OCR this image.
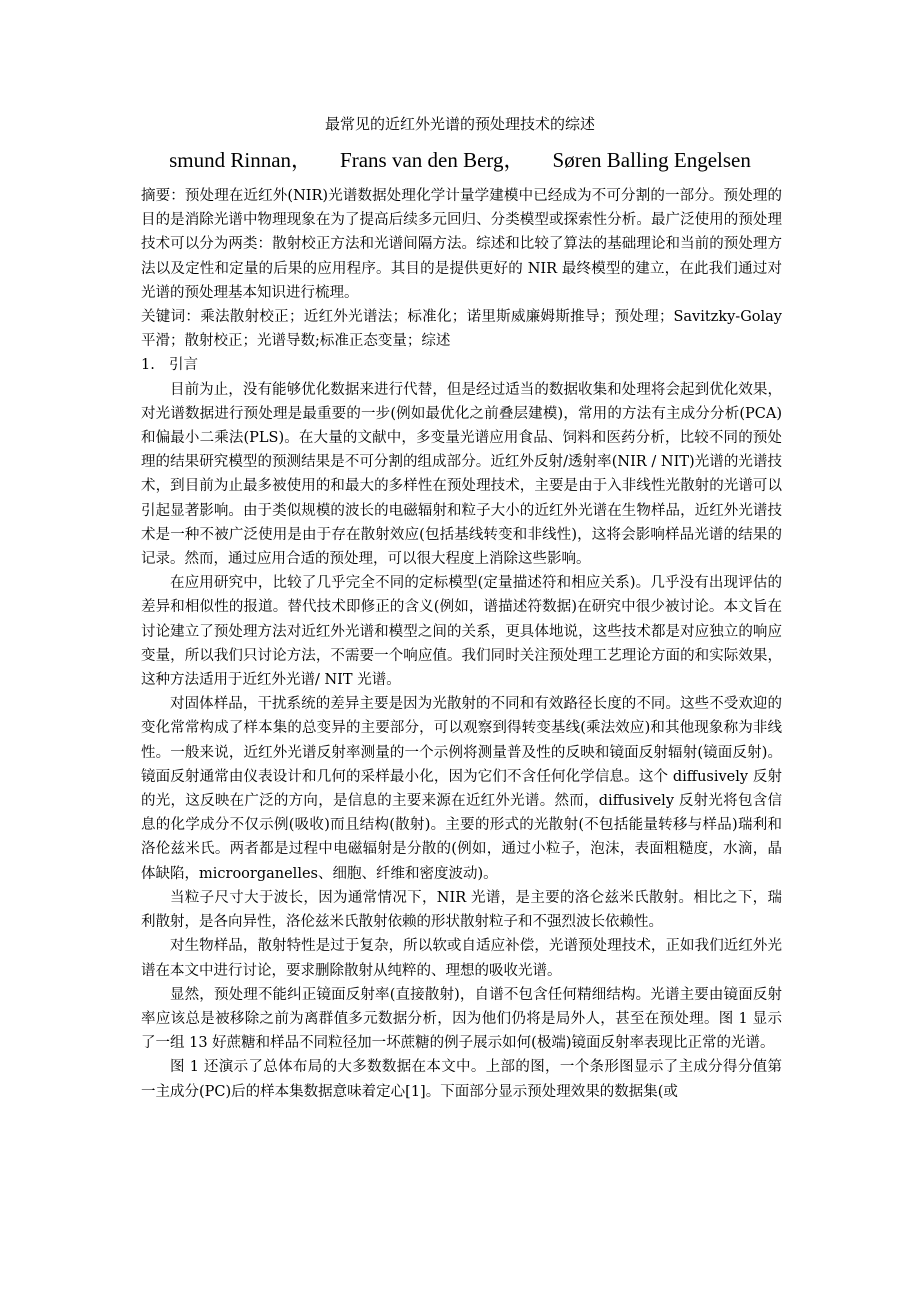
最常见的近红外光谱的预处理技术的综述
smund Rinnan， Frans van den Berg， Søren Balling Engelsen

摘要：预处理在近红外(NIR)光谱数据处理化学计量学建模中已经成为不可分割的一部分。预处理的目的是消除光谱中物理现象在为了提高后续多元回归、分类模型或探索性分析。最广泛使用的预处理技术可以分为两类：散射校正方法和光谱间隔方法。综述和比较了算法的基础理论和当前的预处理方法以及定性和定量的后果的应用程序。其目的是提供更好的 NIR 最终模型的建立，在此我们通过对光谱的预处理基本知识进行梳理。

关键词：乘法散射校正；近红外光谱法；标准化；诺里斯威廉姆斯推导；预处理；Savitzky-Golay 平滑；散射校正；光谱导数;标准正态变量；综述

1. 引言

目前为止，没有能够优化数据来进行代替，但是经过适当的数据收集和处理将会起到优化效果，对光谱数据进行预处理是最重要的一步(例如最优化之前叠层建模)，常用的方法有主成分分析(PCA)和偏最小二乘法(PLS)。在大量的文献中，多变量光谱应用食品、饲料和医药分析，比较不同的预处理的结果研究模型的预测结果是不可分割的组成部分。近红外反射/透射率(NIR / NIT)光谱的光谱技术，到目前为止最多被使用的和最大的多样性在预处理技术，主要是由于入非线性光散射的光谱可以引起显著影响。由于类似规模的波长的电磁辐射和粒子大小的近红外光谱在生物样品，近红外光谱技术是一种不被广泛使用是由于存在散射效应(包括基线转变和非线性)，这将会影响样品光谱的结果的记录。然而，通过应用合适的预处理，可以很大程度上消除这些影响。

在应用研究中，比较了几乎完全不同的定标模型(定量描述符和相应关系)。几乎没有出现评估的差异和相似性的报道。替代技术即修正的含义(例如，谱描述符数据)在研究中很少被讨论。本文旨在讨论建立了预处理方法对近红外光谱和模型之间的关系，更具体地说，这些技术都是对应独立的响应变量，所以我们只讨论方法，不需要一个响应值。我们同时关注预处理工艺理论方面的和实际效果，这种方法适用于近红外光谱/ NIT 光谱。

对固体样品，干扰系统的差异主要是因为光散射的不同和有效路径长度的不同。这些不受欢迎的变化常常构成了样本集的总变异的主要部分，可以观察到得转变基线(乘法效应)和其他现象称为非线性。一般来说，近红外光谱反射率测量的一个示例将测量普及性的反映和镜面反射辐射(镜面反射)。镜面反射通常由仪表设计和几何的采样最小化，因为它们不含任何化学信息。这个 diffusively 反射的光，这反映在广泛的方向，是信息的主要来源在近红外光谱。然而，diffusively 反射光将包含信息的化学成分不仅示例(吸收)而且结构(散射)。主要的形式的光散射(不包括能量转移与样品)瑞利和洛伦兹米氏。两者都是过程中电磁辐射是分散的(例如，通过小粒子，泡沫，表面粗糙度，水滴，晶体缺陷，microorganelles、细胞、纤维和密度波动)。

当粒子尺寸大于波长，因为通常情况下，NIR 光谱，是主要的洛仑兹米氏散射。相比之下，瑞利散射，是各向异性，洛伦兹米氏散射依赖的形状散射粒子和不强烈波长依赖性。

对生物样品，散射特性是过于复杂，所以软或自适应补偿，光谱预处理技术，正如我们近红外光谱在本文中进行讨论，要求删除散射从纯粹的、理想的吸收光谱。

显然，预处理不能纠正镜面反射率(直接散射)，自谱不包含任何精细结构。光谱主要由镜面反射率应该总是被移除之前为离群值多元数据分析，因为他们仍将是局外人，甚至在预处理。图 1 显示了一组 13 好蔗糖和样品不同粒径加一坏蔗糖的例子展示如何(极端)镜面反射率表现比正常的光谱。

图 1 还演示了总体布局的大多数数据在本文中。上部的图，一个条形图显示了主成分得分值第一主成分(PC)后的样本集数据意味着定心[1]。下面部分显示预处理效果的数据集(或
